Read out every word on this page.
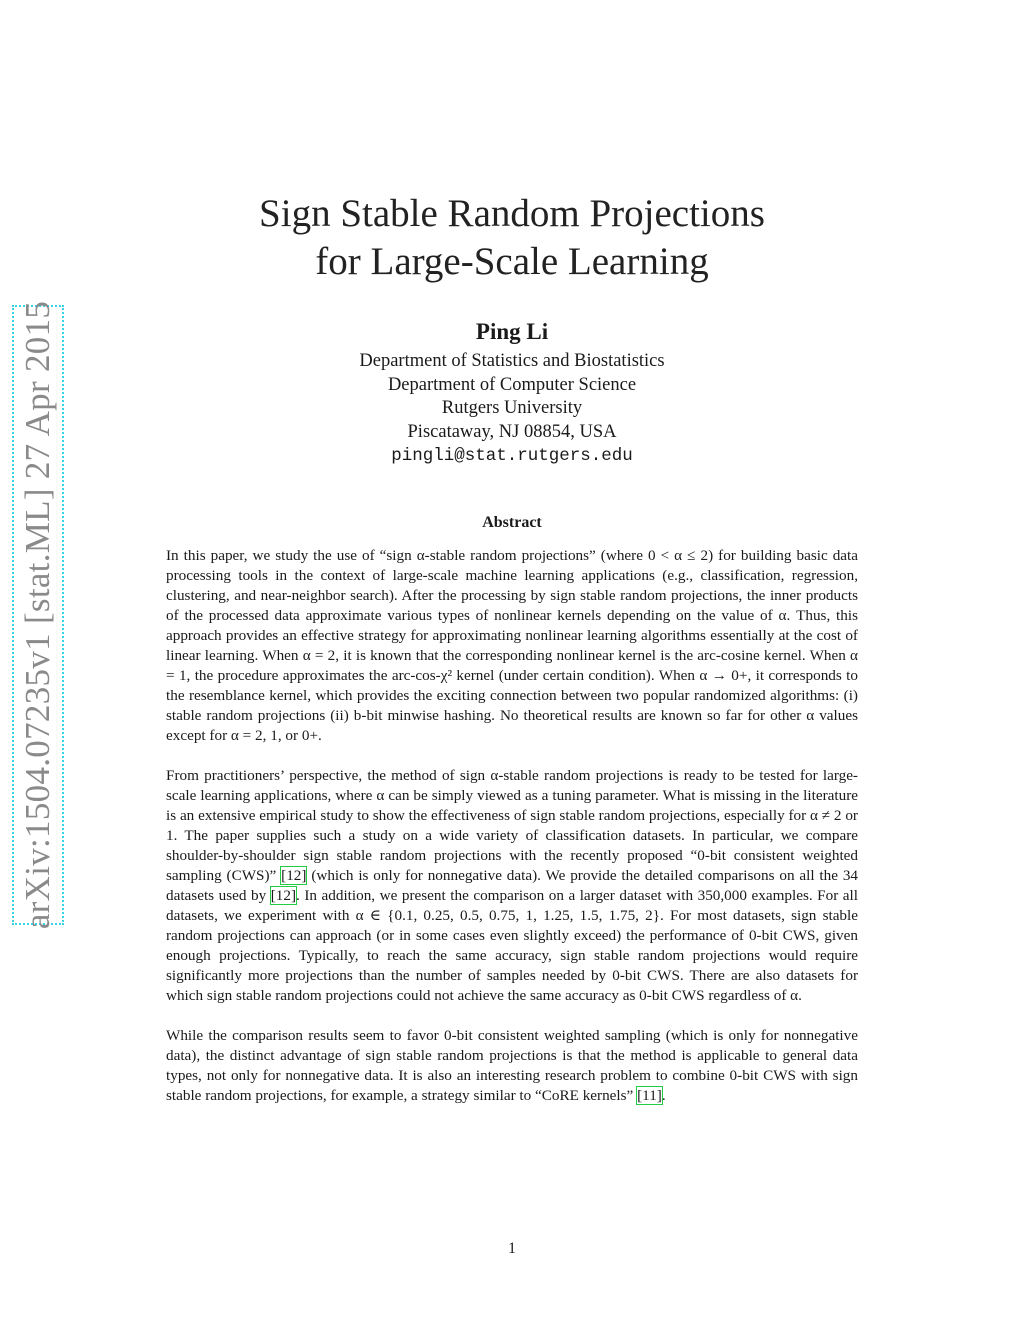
arXiv:1504.07235v1 [stat.ML] 27 Apr 2015
Sign Stable Random Projections
for Large-Scale Learning
Ping Li
Department of Statistics and Biostatistics
Department of Computer Science
Rutgers University
Piscataway, NJ 08854, USA
pingli@stat.rutgers.edu
Abstract

In this paper, we study the use of “sign α-stable random projections” (where 0 < α ≤ 2) for building basic data processing tools in the context of large-scale machine learning applications (e.g., classification, regression, clustering, and near-neighbor search). After the processing by sign stable random projections, the inner products of the processed data approximate various types of nonlinear kernels depending on the value of α. Thus, this approach provides an effective strategy for approximating nonlinear learning algorithms essentially at the cost of linear learning. When α = 2, it is known that the corresponding nonlinear kernel is the arc-cosine kernel. When α = 1, the procedure approximates the arc-cos-χ² kernel (under certain condition). When α → 0+, it corresponds to the resemblance kernel, which provides the exciting connection between two popular randomized algorithms: (i) stable random projections (ii) b-bit minwise hashing. No theoretical results are known so far for other α values except for α = 2, 1, or 0+.

From practitioners’ perspective, the method of sign α-stable random projections is ready to be tested for large-scale learning applications, where α can be simply viewed as a tuning parameter. What is missing in the literature is an extensive empirical study to show the effectiveness of sign stable random projections, especially for α ≠ 2 or 1. The paper supplies such a study on a wide variety of classification datasets. In particular, we compare shoulder-by-shoulder sign stable random projections with the recently proposed “0-bit consistent weighted sampling (CWS)” [12] (which is only for nonnegative data). We provide the detailed comparisons on all the 34 datasets used by [12]. In addition, we present the comparison on a larger dataset with 350,000 examples. For all datasets, we experiment with α ∈ {0.1, 0.25, 0.5, 0.75, 1, 1.25, 1.5, 1.75, 2}. For most datasets, sign stable random projections can approach (or in some cases even slightly exceed) the performance of 0-bit CWS, given enough projections. Typically, to reach the same accuracy, sign stable random projections would require significantly more projections than the number of samples needed by 0-bit CWS. There are also datasets for which sign stable random projections could not achieve the same accuracy as 0-bit CWS regardless of α.

While the comparison results seem to favor 0-bit consistent weighted sampling (which is only for nonnegative data), the distinct advantage of sign stable random projections is that the method is applicable to general data types, not only for nonnegative data. It is also an interesting research problem to combine 0-bit CWS with sign stable random projections, for example, a strategy similar to “CoRE kernels” [11].

1
